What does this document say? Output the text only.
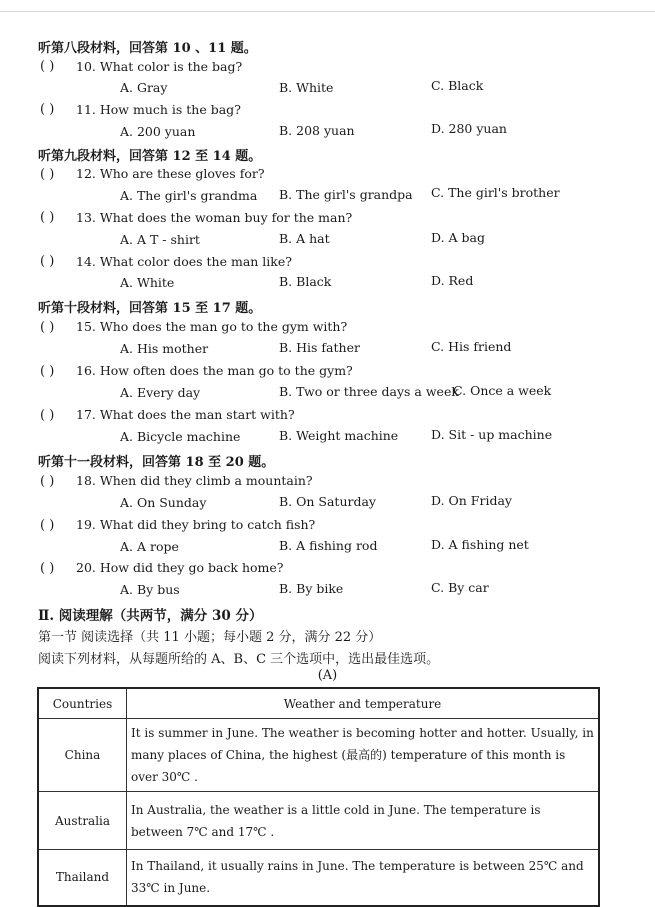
听第八段材料，回答第 10 、11 题。
( ) 10. What color is the bag?
A. Gray	B. White	C. Black
( ) 11. How much is the bag?
A. 200 yuan	B. 208 yuan	D. 280 yuan
听第九段材料，回答第 12 至 14 题。
( ) 12. Who are these gloves for?
A. The girl's grandma B. The girl's grandpa C. The girl's brother
( ) 13. What does the woman buy for the man?
A. A T - shirt	B. A hat	D. A bag
( ) 14. What color does the man like?
A. White	B. Black	D. Red
听第十段材料，回答第 15 至 17 题。
( ) 15. Who does the man go to the gym with?
A. His mother	B. His father	C. His friend
( ) 16. How often does the man go to the gym?
A. Every day	B. Two or three days a week
C. Once a week
( ) 17. What does the man start with?
A. Bicycle machine	B. Weight machine	D. Sit - up machine
听第十一段材料，回答第 18 至 20 题。
( ) 18. When did they climb a mountain?
A. On Sunday	B. On Saturday	D. On Friday
( ) 19. What did they bring to catch fish?
A. A rope	B. A fishing rod	D. A fishing net
( ) 20. How did they go back home?
A. By bus	B. By bike	C. By car
Ⅱ. 阅读理解（共两节，满分 30 分）
第一节 阅读选择（共 11 小题；每小题 2 分，满分 22 分）
阅读下列材料，从每题所给的 A、B、C 三个选项中，选出最佳选项。
(A)
Countries	Weather and temperature
China	It is summer in June. The weather is becoming hotter and hotter. Usually, in many places of China, the highest (最高的) temperature of this month is over 30℃ .
Australia	In Australia, the weather is a little cold in June. The temperature is between 7℃ and 17℃ .
Thailand	In Thailand, it usually rains in June. The temperature is between 25℃ and 33℃ in June.
